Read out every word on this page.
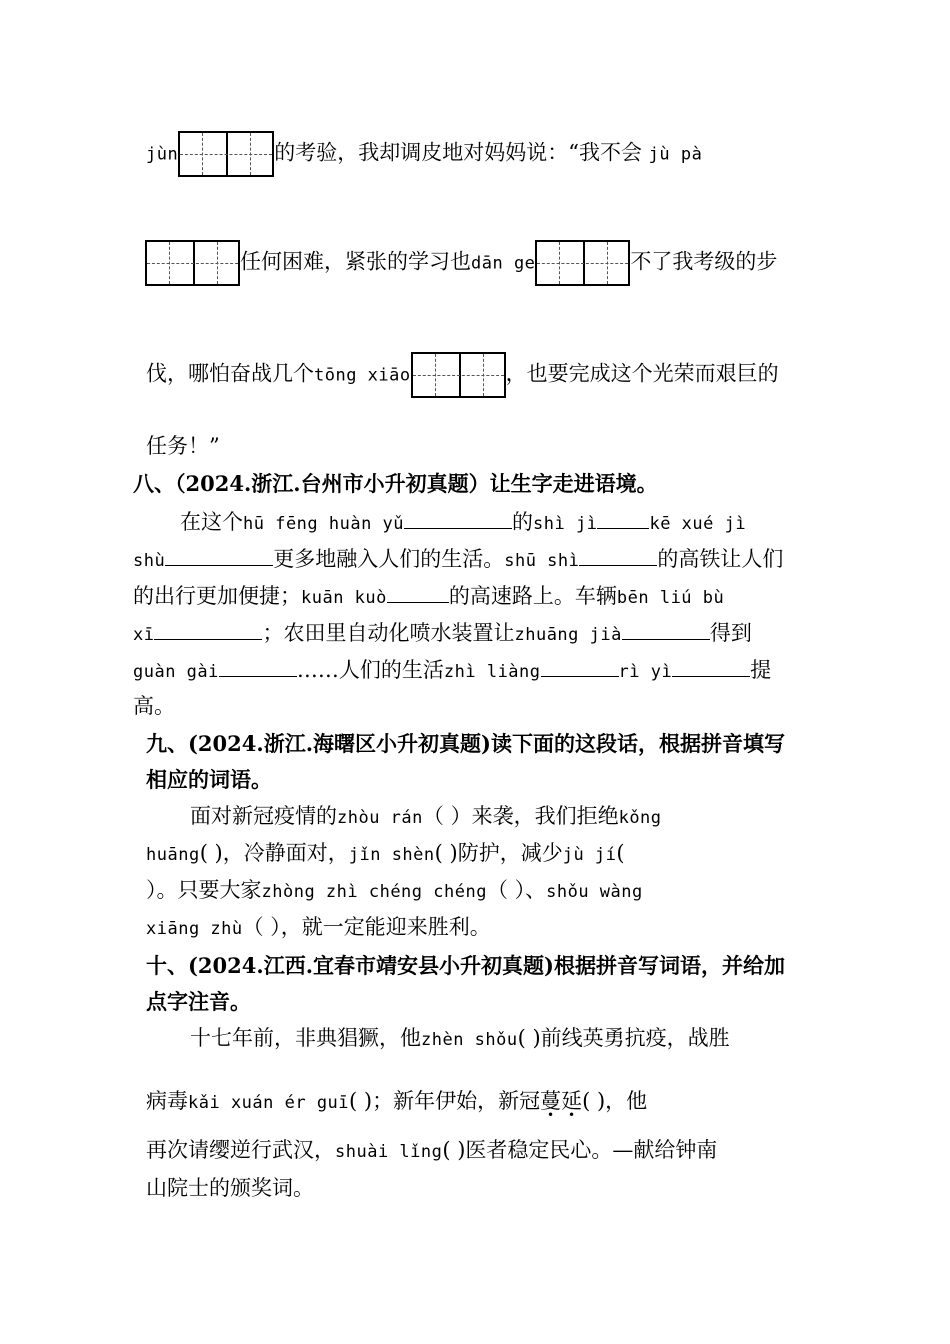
jùn	的考验，我却调皮地对妈妈说：“我不会 jù pà
任何困难，紧张的学习也dān ge	不了我考级的步
伐，哪怕奋战几个tōng xiāo	，也要完成这个光荣而艰巨的
任务！”
八、（2024.浙江.台州市小升初真题）让生字走进语境。
在这个hū fēng huàn yǔ	的shì jì	kē xué jì
shù	更多地融入人们的生活。shū shì	的高铁让人们
的出行更加便捷；kuān kuò	的高速路上。车辆bēn liú bù
xī	；农田里自动化喷水装置让zhuāng jià	得到
guàn gài	……人们的生活zhì liàng	rì yì	提
高。
九、(2024.浙江.海曙区小升初真题)读下面的这段话，根据拼音填写
相应的词语。
面对新冠疫情的zhòu rán（ ）来袭，我们拒绝kǒng
huāng( )，冷静面对，jǐn shèn( )防护，减少jù jí(
）。只要大家zhòng zhì chéng chéng（ ）、shǒu wàng
xiāng zhù（ ），就一定能迎来胜利。
十、(2024.江西.宜春市靖安县小升初真题)根据拼音写词语，并给加
点字注音。
十七年前，非典猖獗，他zhèn shǒu( )前线英勇抗疫，战胜
病毒kǎi xuán ér guī( )；新年伊始，新冠蔓延( )，他
再次请缨逆行武汉，shuài lǐng( )医者稳定民心。—献给钟南
山院士的颁奖词。
